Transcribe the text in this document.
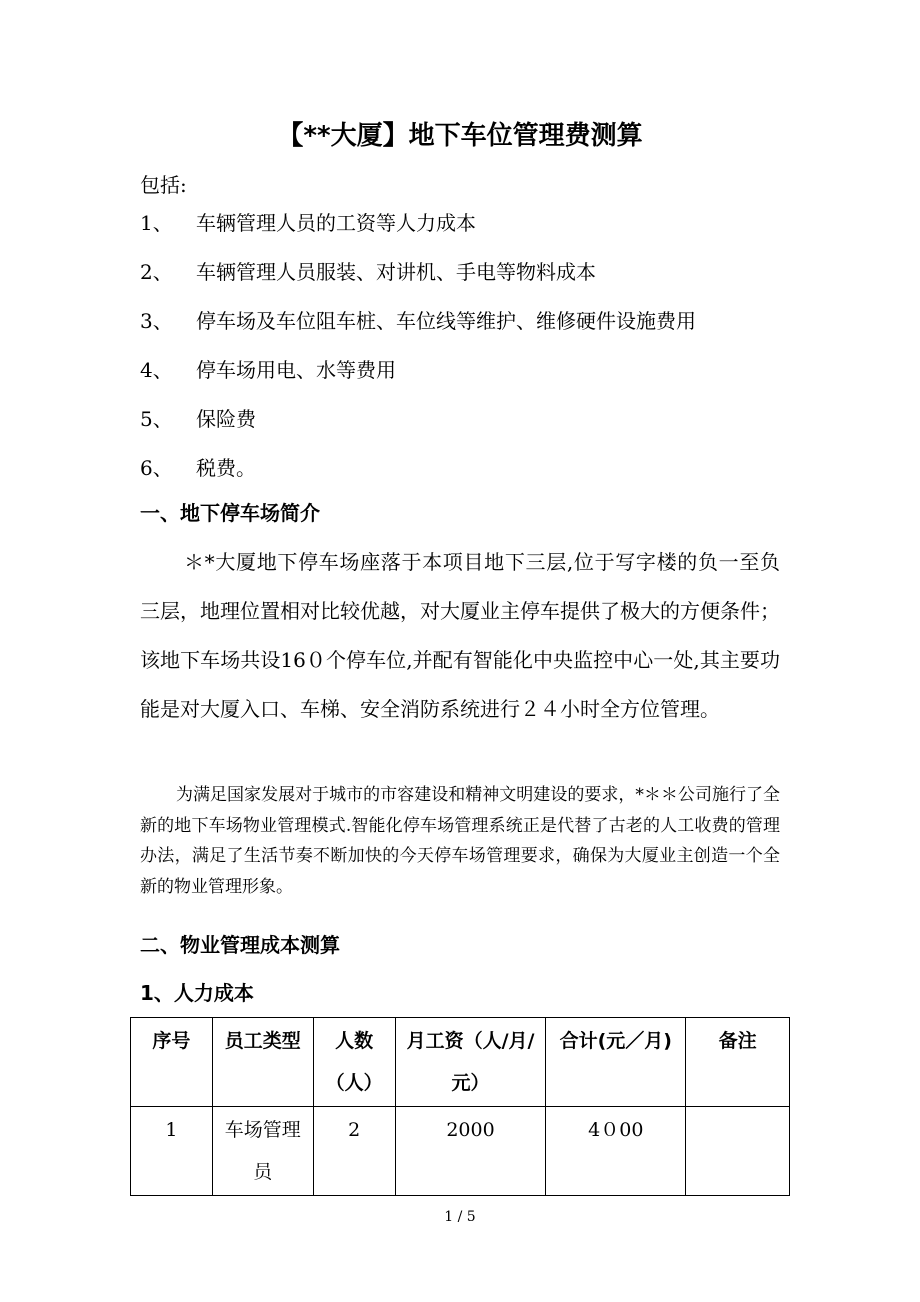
【**大厦】地下车位管理费测算
包括:
1、 车辆管理人员的工资等人力成本
2、 车辆管理人员服装、对讲机、手电等物料成本
3、 停车场及车位阻车桩、车位线等维护、维修硬件设施费用
4、 停车场用电、水等费用
5、 保险费
6、 税费。
一、地下停车场简介

＊*大厦地下停车场座落于本项目地下三层,位于写字楼的负一至负三层，地理位置相对比较优越，对大厦业主停车提供了极大的方便条件；该地下车场共设16０个停车位,并配有智能化中央监控中心一处,其主要功能是对大厦入口、车梯、安全消防系统进行２４小时全方位管理。

为满足国家发展对于城市的市容建设和精神文明建设的要求，*＊＊公司施行了全新的地下车场物业管理模式.智能化停车场管理系统正是代替了古老的人工收费的管理办法，满足了生活节奏不断加快的今天停车场管理要求，确保为大厦业主创造一个全新的物业管理形象。

二、物业管理成本测算
1、人力成本
序号	员工类型	人数（人）	月工资（人/月/元）	合计(元／月)	备注
1	车场管理员	2	2000	4０00	
1 / 5
